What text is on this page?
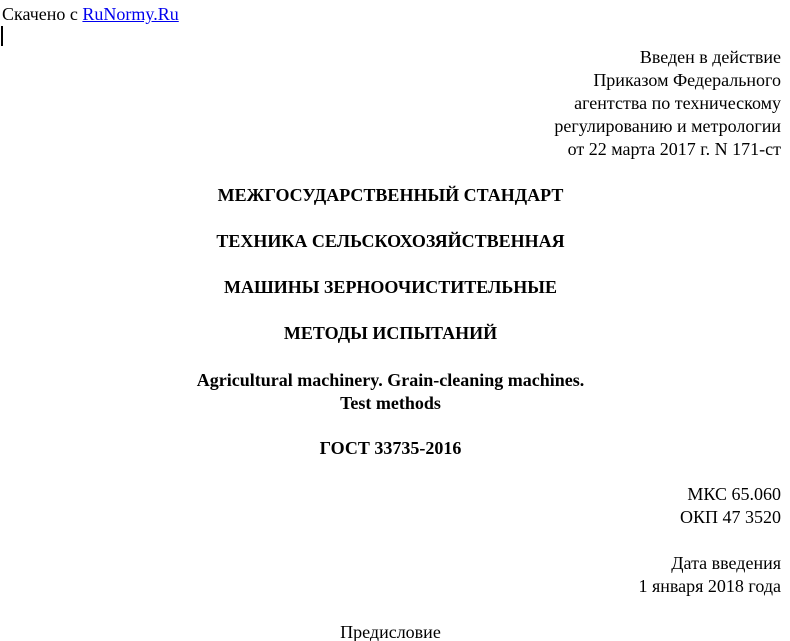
Скачено с RuNormy.Ru
Введен в действие
Приказом Федерального
агентства по техническому
регулированию и метрологии
от 22 марта 2017 г. N 171-ст
МЕЖГОСУДАРСТВЕННЫЙ СТАНДАРТ
ТЕХНИКА СЕЛЬСКОХОЗЯЙСТВЕННАЯ
МАШИНЫ ЗЕРНООЧИСТИТЕЛЬНЫЕ
МЕТОДЫ ИСПЫТАНИЙ
Agricultural machinery. Grain-cleaning machines.
Test methods
ГОСТ 33735-2016
МКС 65.060
ОКП 47 3520
Дата введения
1 января 2018 года
Предисловие
